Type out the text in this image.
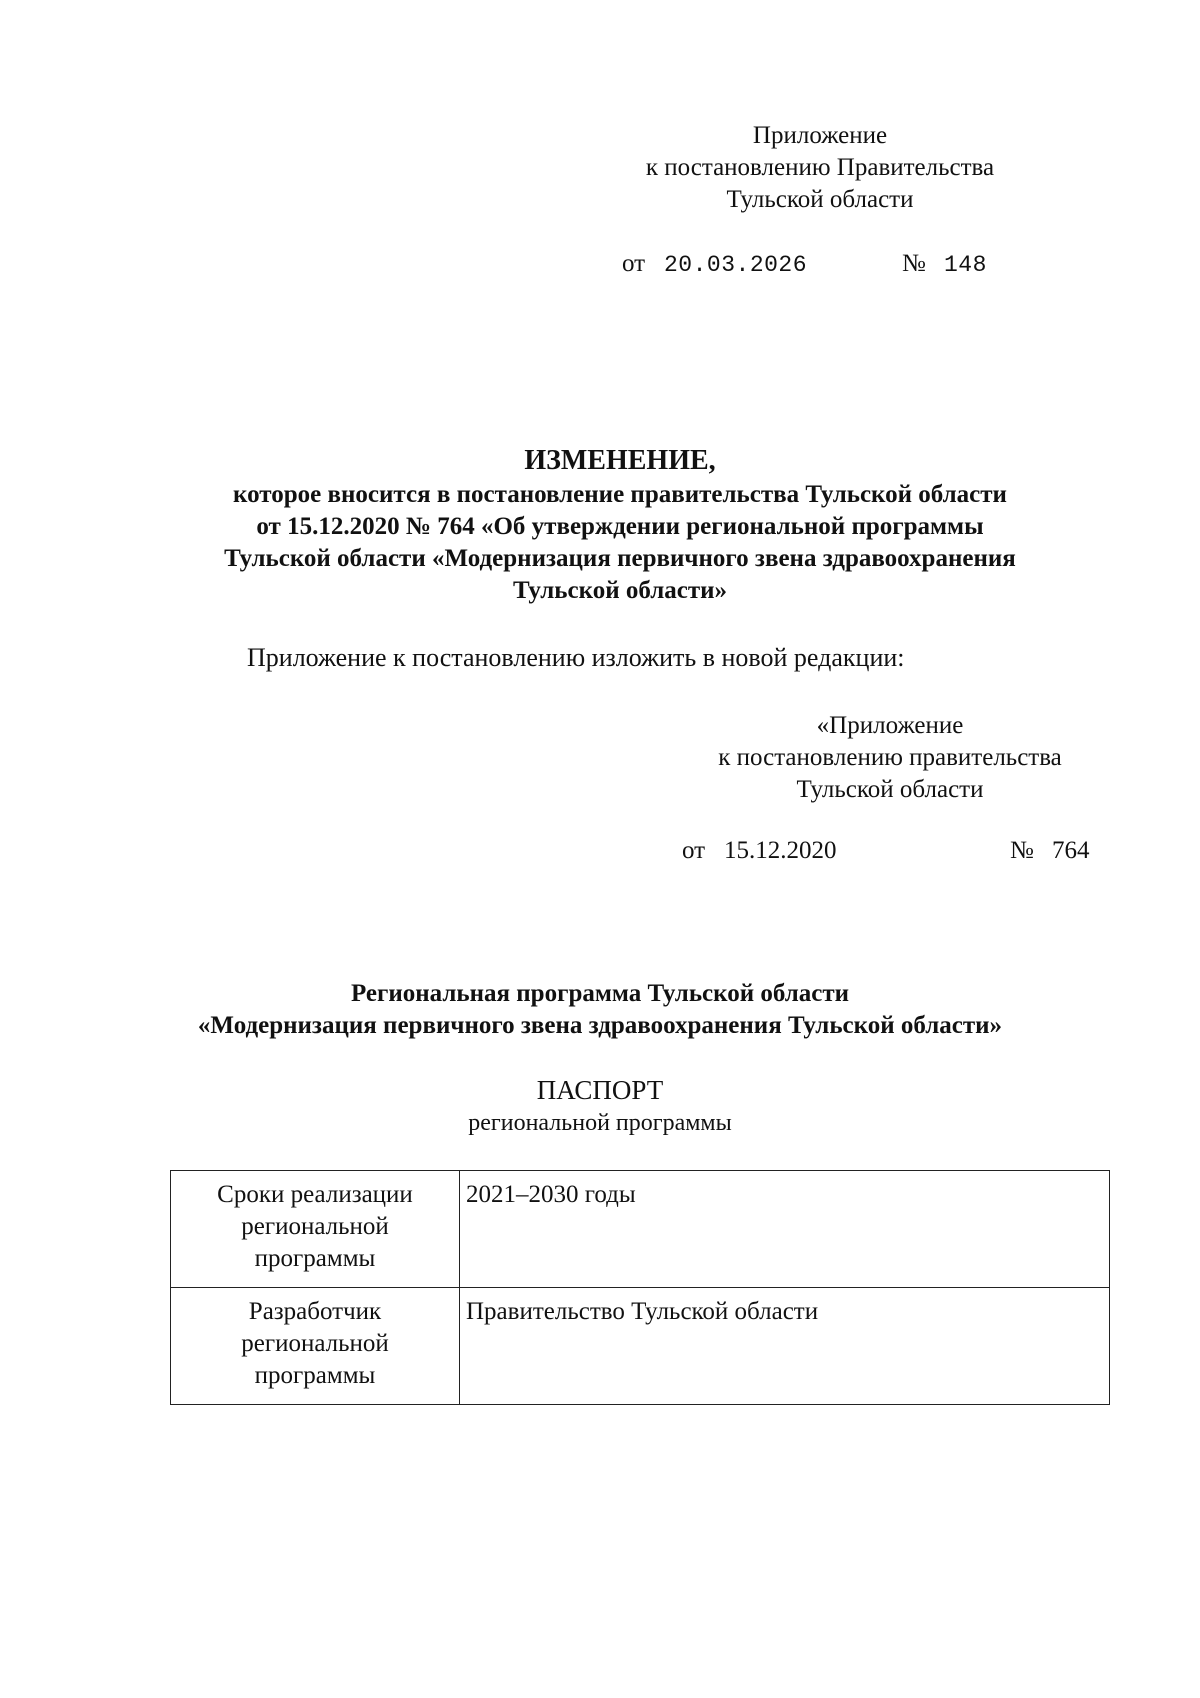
Приложение
к постановлению Правительства
Тульской области
от 20.03.2026	№ 148
ИЗМЕНЕНИЕ,
которое вносится в постановление правительства Тульской области
от 15.12.2020 № 764 «Об утверждении региональной программы
Тульской области «Модернизация первичного звена здравоохранения
Тульской области»
Приложение к постановлению изложить в новой редакции:
«Приложение
к постановлению правительства
Тульской области
от 15.12.2020	№ 764
Региональная программа Тульской области
«Модернизация первичного звена здравоохранения Тульской области»
ПАСПОРТ
региональной программы
Сроки реализации
региональной
программы	2021–2030 годы

Разработчик
региональной
программы	Правительство Тульской области
